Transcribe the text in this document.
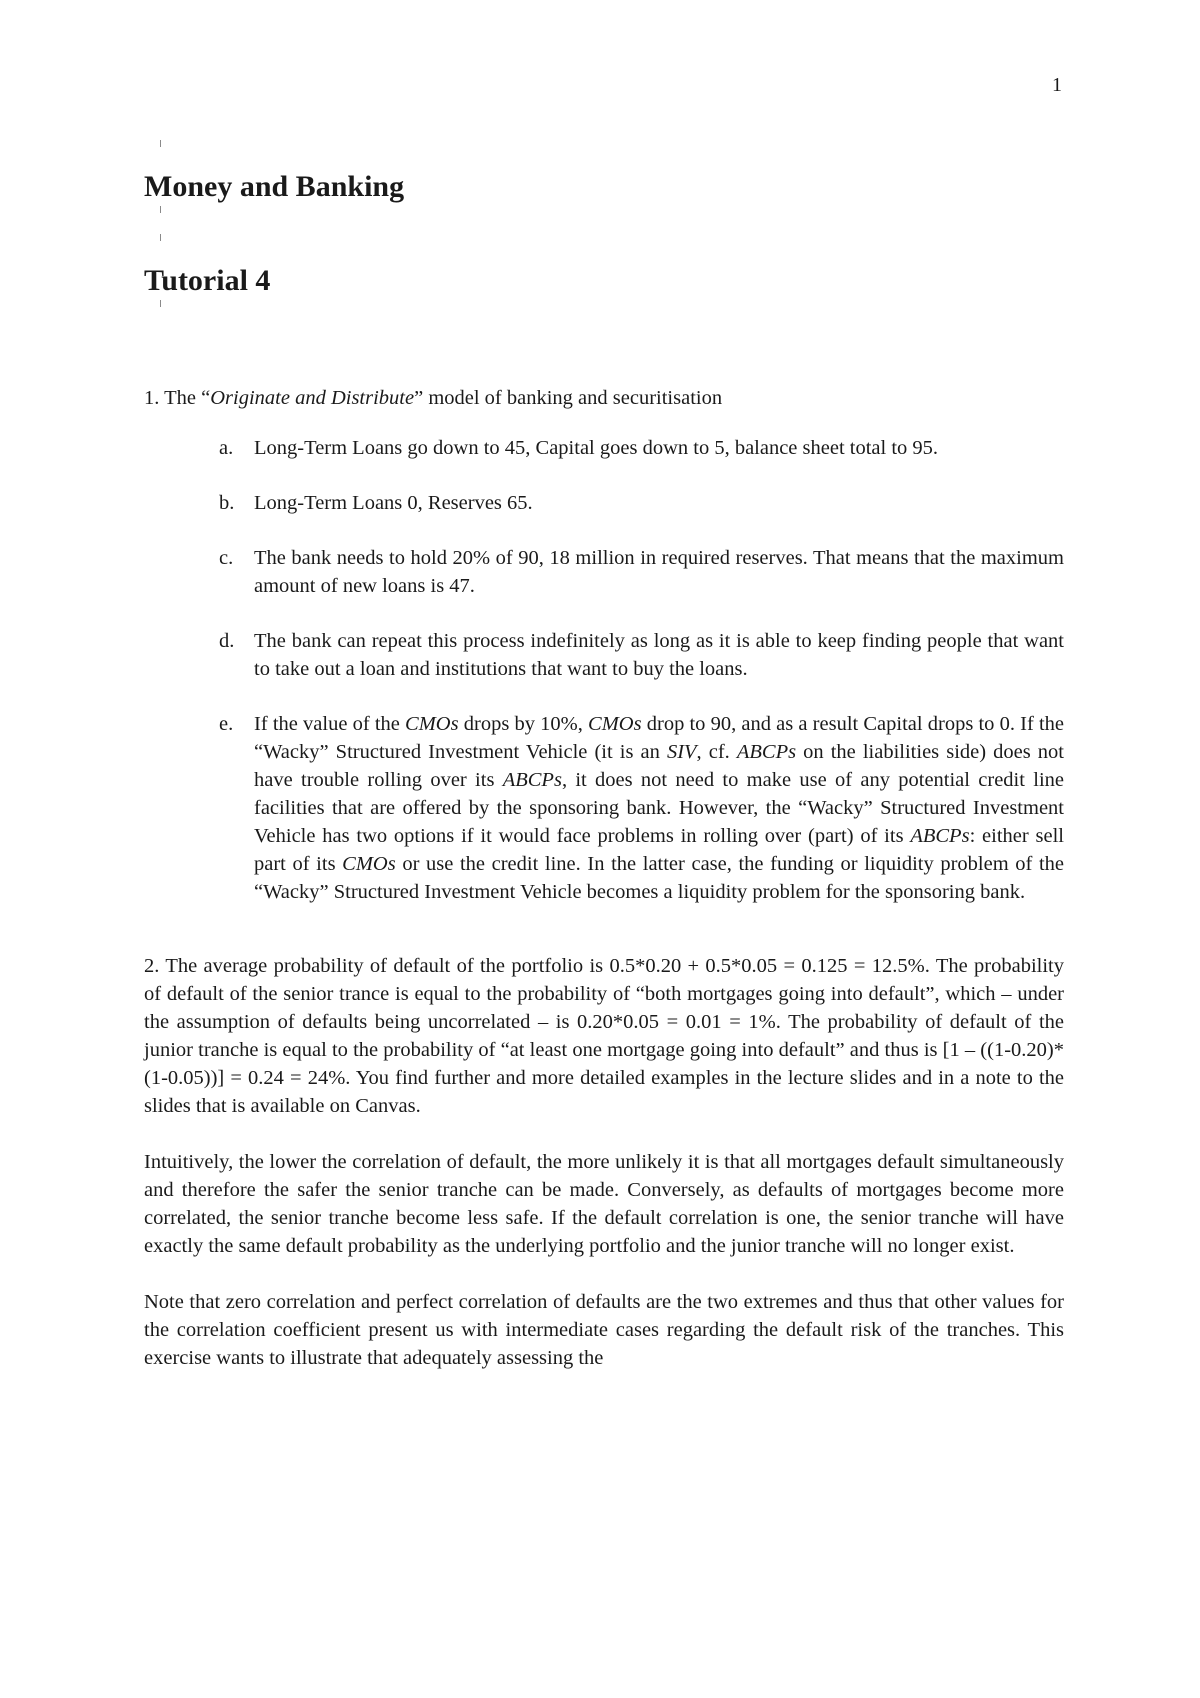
1
Money and Banking
Tutorial 4

1. The “Originate and Distribute” model of banking and securitisation

a. Long-Term Loans go down to 45, Capital goes down to 5, balance sheet total to 95.
b. Long-Term Loans 0, Reserves 65.
c. The bank needs to hold 20% of 90, 18 million in required reserves. That means that the maximum amount of new loans is 47.
d. The bank can repeat this process indefinitely as long as it is able to keep finding people that want to take out a loan and institutions that want to buy the loans.
e. If the value of the CMOs drops by 10%, CMOs drop to 90, and as a result Capital drops to 0. If the “Wacky” Structured Investment Vehicle (it is an SIV, cf. ABCPs on the liabilities side) does not have trouble rolling over its ABCPs, it does not need to make use of any potential credit line facilities that are offered by the sponsoring bank. However, the “Wacky” Structured Investment Vehicle has two options if it would face problems in rolling over (part) of its ABCPs: either sell part of its CMOs or use the credit line. In the latter case, the funding or liquidity problem of the “Wacky” Structured Investment Vehicle becomes a liquidity problem for the sponsoring bank.

2. The average probability of default of the portfolio is 0.5*0.20 + 0.5*0.05 = 0.125 = 12.5%. The probability of default of the senior trance is equal to the probability of “both mortgages going into default”, which – under the assumption of defaults being uncorrelated – is 0.20*0.05 = 0.01 = 1%. The probability of default of the junior tranche is equal to the probability of “at least one mortgage going into default” and thus is [1 – ((1-0.20)*(1-0.05))] = 0.24 = 24%. You find further and more detailed examples in the lecture slides and in a note to the slides that is available on Canvas.

Intuitively, the lower the correlation of default, the more unlikely it is that all mortgages default simultaneously and therefore the safer the senior tranche can be made. Conversely, as defaults of mortgages become more correlated, the senior tranche become less safe. If the default correlation is one, the senior tranche will have exactly the same default probability as the underlying portfolio and the junior tranche will no longer exist.

Note that zero correlation and perfect correlation of defaults are the two extremes and thus that other values for the correlation coefficient present us with intermediate cases regarding the default risk of the tranches. This exercise wants to illustrate that adequately assessing the
